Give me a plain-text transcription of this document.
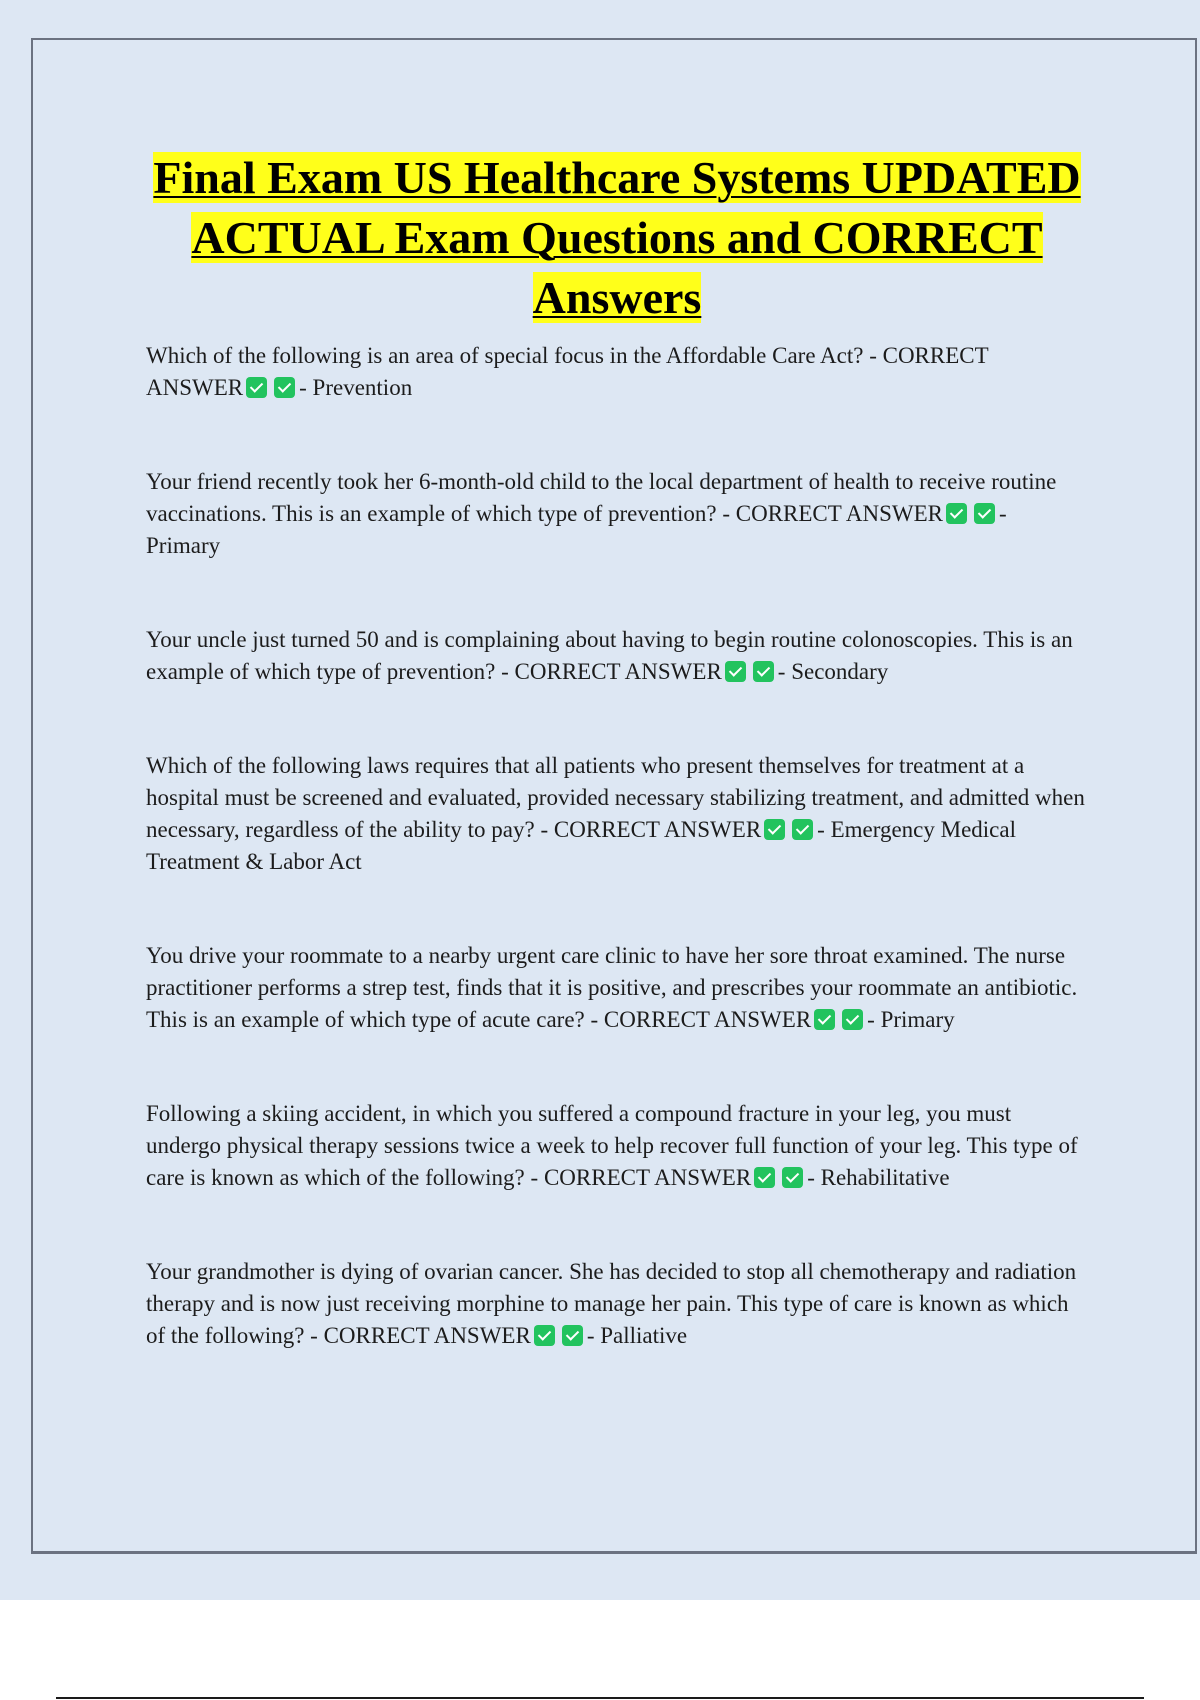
Final Exam US Healthcare Systems UPDATED ACTUAL Exam Questions and CORRECT Answers

Which of the following is an area of special focus in the Affordable Care Act? - CORRECT ANSWER - Prevention

Your friend recently took her 6-month-old child to the local department of health to receive routine vaccinations. This is an example of which type of prevention? - CORRECT ANSWER - Primary

Your uncle just turned 50 and is complaining about having to begin routine colonoscopies. This is an example of which type of prevention? - CORRECT ANSWER - Secondary

Which of the following laws requires that all patients who present themselves for treatment at a hospital must be screened and evaluated, provided necessary stabilizing treatment, and admitted when necessary, regardless of the ability to pay? - CORRECT ANSWER - Emergency Medical Treatment & Labor Act

You drive your roommate to a nearby urgent care clinic to have her sore throat examined. The nurse practitioner performs a strep test, finds that it is positive, and prescribes your roommate an antibiotic. This is an example of which type of acute care? - CORRECT ANSWER - Primary

Following a skiing accident, in which you suffered a compound fracture in your leg, you must undergo physical therapy sessions twice a week to help recover full function of your leg. This type of care is known as which of the following? - CORRECT ANSWER - Rehabilitative

Your grandmother is dying of ovarian cancer. She has decided to stop all chemotherapy and radiation therapy and is now just receiving morphine to manage her pain. This type of care is known as which of the following? - CORRECT ANSWER - Palliative
